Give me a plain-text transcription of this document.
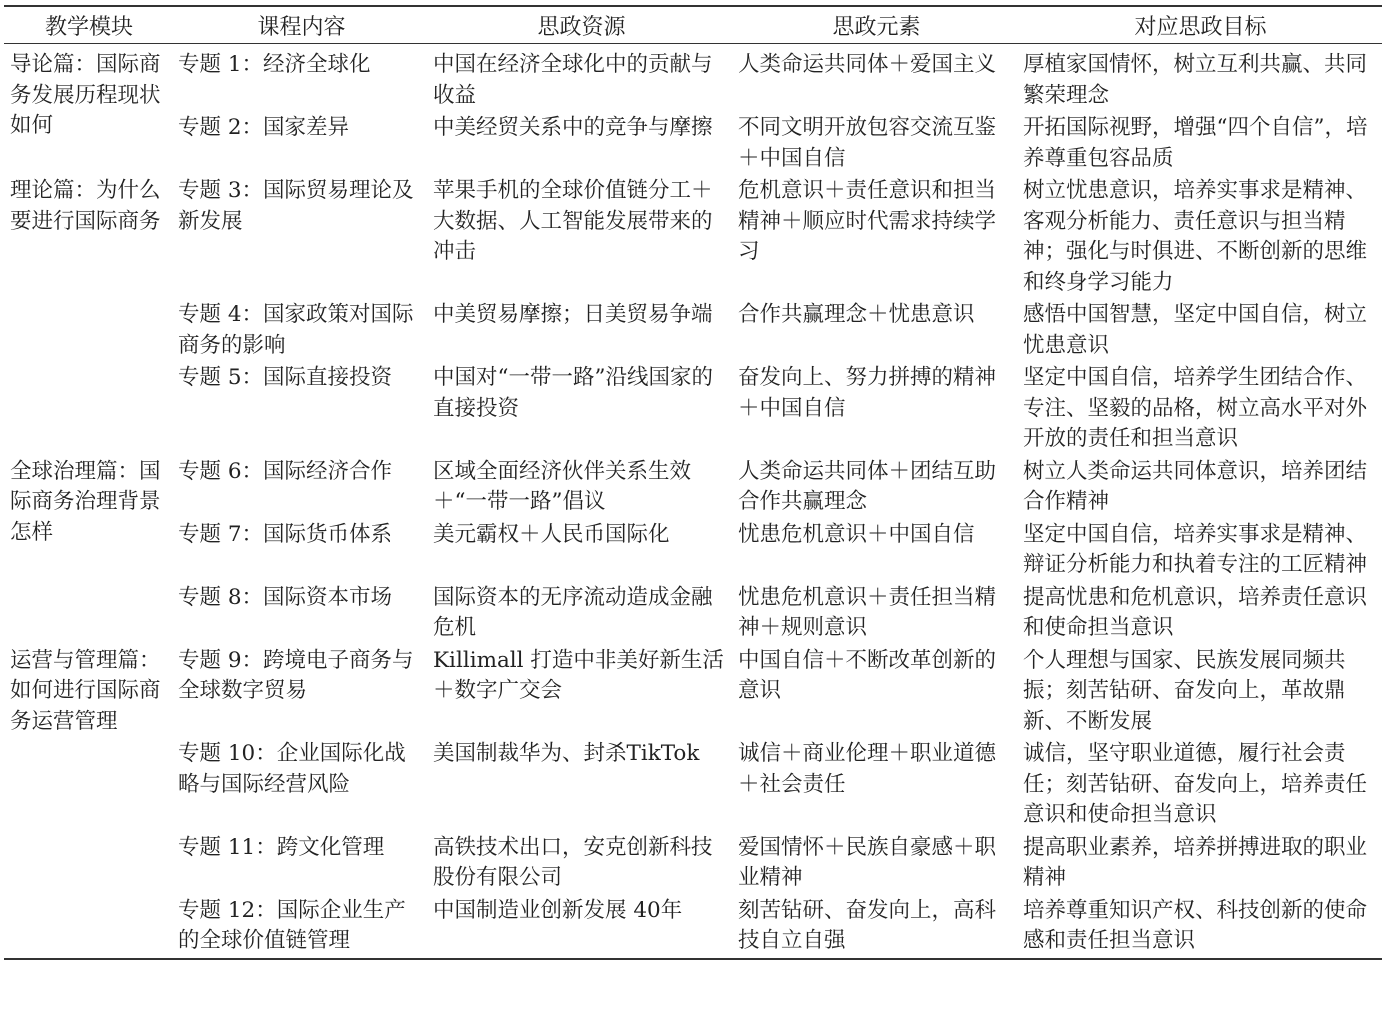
教学模块	课程内容	思政资源	思政元素	对应思政目标
导论篇：国际商务发展历程现状如何	专题 1：经济全球化	中国在经济全球化中的贡献与收益	人类命运共同体＋爱国主义	厚植家国情怀，树立互利共赢、共同繁荣理念
	专题 2：国家差异	中美经贸关系中的竞争与摩擦	不同文明开放包容交流互鉴＋中国自信	开拓国际视野，增强“四个自信”，培养尊重包容品质
理论篇：为什么要进行国际商务	专题 3：国际贸易理论及新发展	苹果手机的全球价值链分工＋大数据、人工智能发展带来的冲击	危机意识＋责任意识和担当精神＋顺应时代需求持续学习	树立忧患意识，培养实事求是精神、客观分析能力、责任意识与担当精神；强化与时俱进、不断创新的思维和终身学习能力
	专题 4：国家政策对国际商务的影响	中美贸易摩擦；日美贸易争端	合作共赢理念＋忧患意识	感悟中国智慧，坚定中国自信，树立忧患意识
	专题 5：国际直接投资	中国对“一带一路”沿线国家的直接投资	奋发向上、努力拼搏的精神＋中国自信	坚定中国自信，培养学生团结合作、专注、坚毅的品格，树立高水平对外开放的责任和担当意识
全球治理篇：国际商务治理背景怎样	专题 6：国际经济合作	区域全面经济伙伴关系生效＋“一带一路”倡议	人类命运共同体＋团结互助合作共赢理念	树立人类命运共同体意识，培养团结合作精神
	专题 7：国际货币体系	美元霸权＋人民币国际化	忧患危机意识＋中国自信	坚定中国自信，培养实事求是精神、辩证分析能力和执着专注的工匠精神
	专题 8：国际资本市场	国际资本的无序流动造成金融危机	忧患危机意识＋责任担当精神＋规则意识	提高忧患和危机意识，培养责任意识和使命担当意识
运营与管理篇：如何进行国际商务运营管理	专题 9：跨境电子商务与全球数字贸易	Killimall 打造中非美好新生活＋数字广交会	中国自信＋不断改革创新的意识	个人理想与国家、民族发展同频共振；刻苦钻研、奋发向上，革故鼎新、不断发展
	专题 10：企业国际化战略与国际经营风险	美国制裁华为、封杀TikTok	诚信＋商业伦理＋职业道德＋社会责任	诚信，坚守职业道德，履行社会责任；刻苦钻研、奋发向上，培养责任意识和使命担当意识
	专题 11：跨文化管理	高铁技术出口，安克创新科技股份有限公司	爱国情怀＋民族自豪感＋职业精神	提高职业素养，培养拼搏进取的职业精神
	专题 12：国际企业生产的全球价值链管理	中国制造业创新发展 40年	刻苦钻研、奋发向上，高科技自立自强	培养尊重知识产权、科技创新的使命感和责任担当意识
